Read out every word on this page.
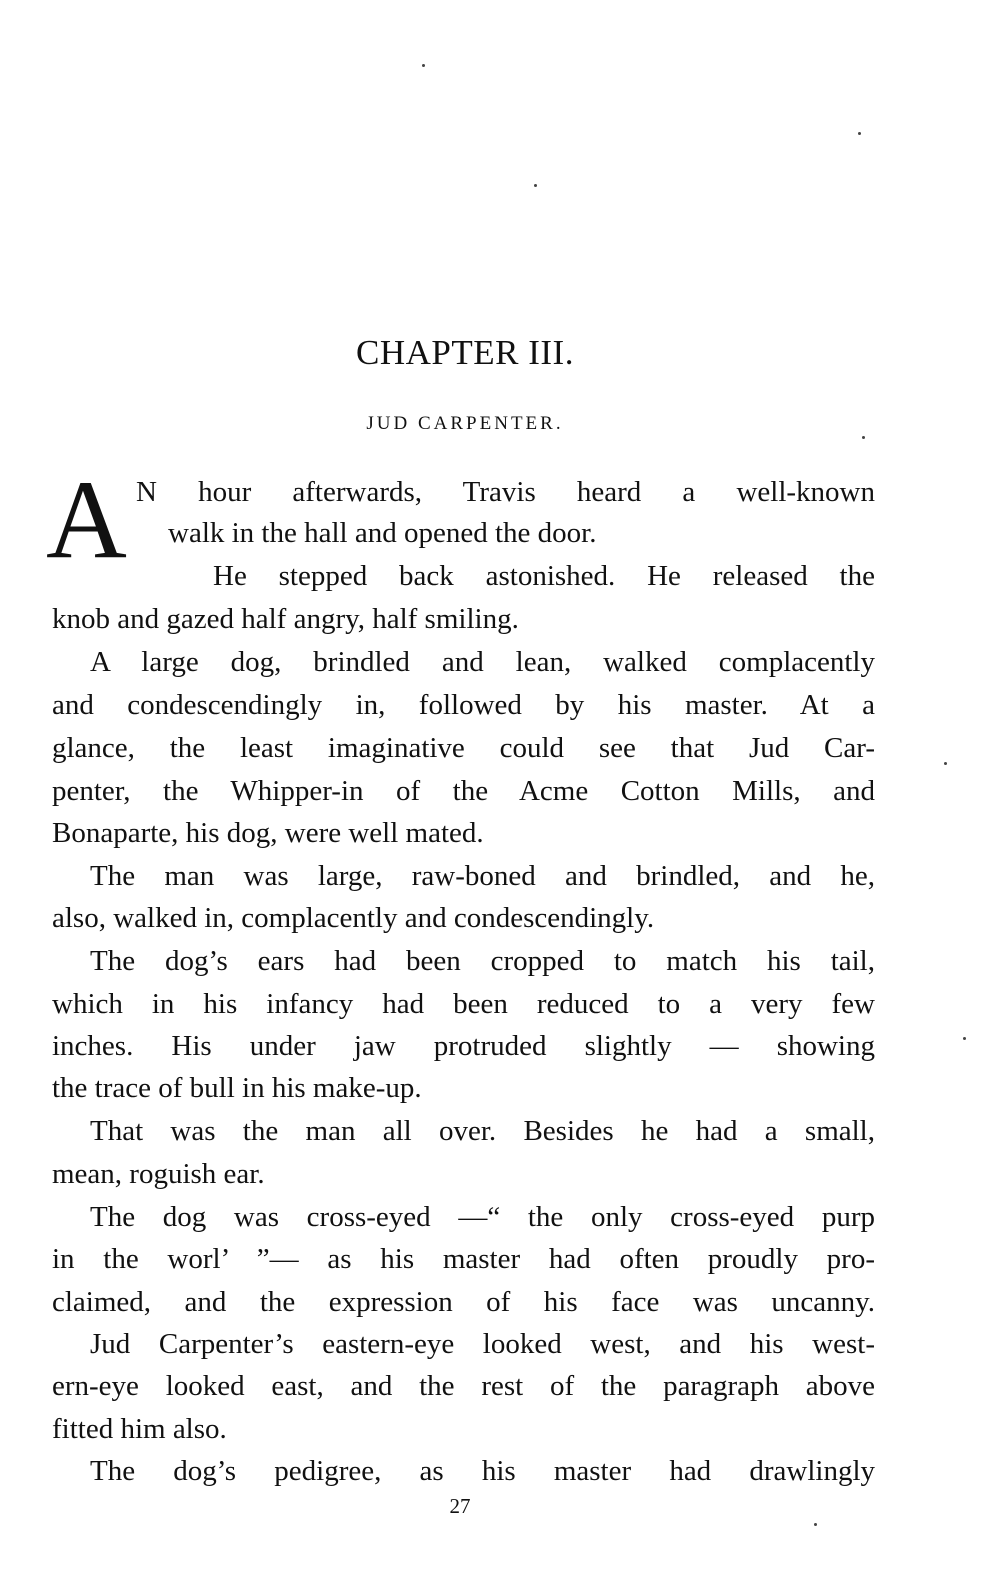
CHAPTER III.
JUD CARPENTER.
A N hour afterwards, Travis heard a well-known

walk in the hall and opened the door.

He stepped back astonished. He released the

knob and gazed half angry, half smiling.

A large dog, brindled and lean, walked complacently

and condescendingly in, followed by his master. At a

glance, the least imaginative could see that Jud Car-

penter, the Whipper-in of the Acme Cotton Mills, and

Bonaparte, his dog, were well mated.

The man was large, raw-boned and brindled, and he,

also, walked in, complacently and condescendingly.

The dog’s ears had been cropped to match his tail,

which in his infancy had been reduced to a very few

inches. His under jaw protruded slightly — showing

the trace of bull in his make-up.

That was the man all over. Besides he had a small,

mean, roguish ear.

The dog was cross-eyed —“ the only cross-eyed purp

in the worl’ ”— as his master had often proudly pro-

claimed, and the expression of his face was uncanny.

Jud Carpenter’s eastern-eye looked west, and his west-

ern-eye looked east, and the rest of the paragraph above

fitted him also.

The dog’s pedigree, as his master had drawlingly

27
